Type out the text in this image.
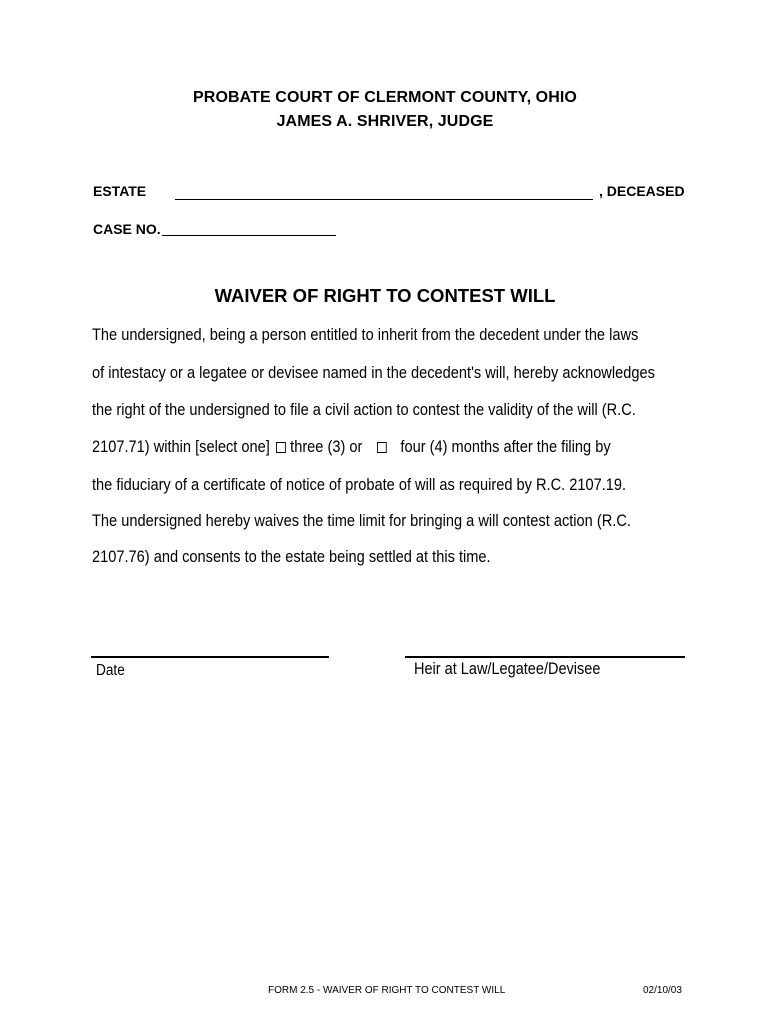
PROBATE COURT OF CLERMONT COUNTY, OHIO
JAMES A. SHRIVER, JUDGE
ESTATE	, DECEASED
CASE NO.
WAIVER OF RIGHT TO CONTEST WILL
The undersigned, being a person entitled to inherit from the decedent under the laws
of intestacy or a legatee or devisee named in the decedent's will, hereby acknowledges
the right of the undersigned to file a civil action to contest the validity of the will (R.C.
2107.71) within [select one] three (3) or four (4) months after the filing by
the fiduciary of a certificate of notice of probate of will as required by R.C. 2107.19.
The undersigned hereby waives the time limit for bringing a will contest action (R.C.
2107.76) and consents to the estate being settled at this time.
Date	Heir at Law/Legatee/Devisee
FORM 2.5 - WAIVER OF RIGHT TO CONTEST WILL	02/10/03
